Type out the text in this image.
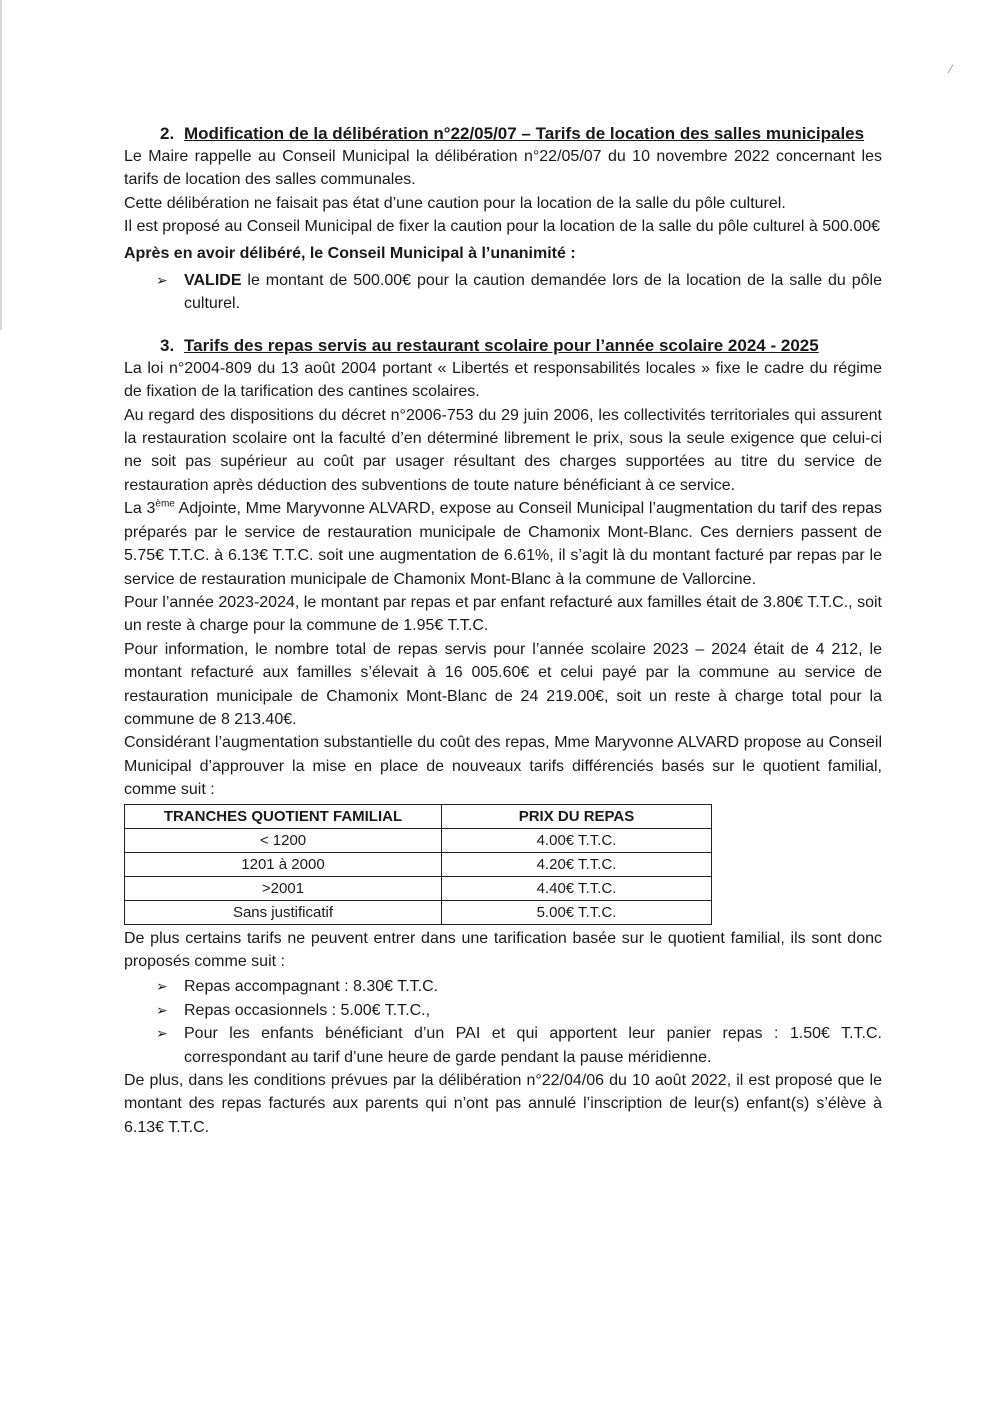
⁄
2. Modification de la délibération n°22/05/07 – Tarifs de location des salles municipales

Le Maire rappelle au Conseil Municipal la délibération n°22/05/07 du 10 novembre 2022 concernant les tarifs de location des salles communales.

Cette délibération ne faisait pas état d’une caution pour la location de la salle du pôle culturel.

Il est proposé au Conseil Municipal de fixer la caution pour la location de la salle du pôle culturel à 500.00€

Après en avoir délibéré, le Conseil Municipal à l’unanimité :

➢ VALIDE le montant de 500.00€ pour la caution demandée lors de la location de la salle du pôle culturel.
3. Tarifs des repas servis au restaurant scolaire pour l’année scolaire 2024 - 2025

La loi n°2004-809 du 13 août 2004 portant « Libertés et responsabilités locales » fixe le cadre du régime de fixation de la tarification des cantines scolaires.

Au regard des dispositions du décret n°2006-753 du 29 juin 2006, les collectivités territoriales qui assurent la restauration scolaire ont la faculté d’en déterminé librement le prix, sous la seule exigence que celui-ci ne soit pas supérieur au coût par usager résultant des charges supportées au titre du service de restauration après déduction des subventions de toute nature bénéficiant à ce service.

La 3ème Adjointe, Mme Maryvonne ALVARD, expose au Conseil Municipal l’augmentation du tarif des repas préparés par le service de restauration municipale de Chamonix Mont-Blanc. Ces derniers passent de 5.75€ T.T.C. à 6.13€ T.T.C. soit une augmentation de 6.61%, il s’agit là du montant facturé par repas par le service de restauration municipale de Chamonix Mont-Blanc à la commune de Vallorcine.

Pour l’année 2023-2024, le montant par repas et par enfant refacturé aux familles était de 3.80€ T.T.C., soit un reste à charge pour la commune de 1.95€ T.T.C.

Pour information, le nombre total de repas servis pour l’année scolaire 2023 – 2024 était de 4 212, le montant refacturé aux familles s’élevait à 16 005.60€ et celui payé par la commune au service de restauration municipale de Chamonix Mont-Blanc de 24 219.00€, soit un reste à charge total pour la commune de 8 213.40€.

Considérant l’augmentation substantielle du coût des repas, Mme Maryvonne ALVARD propose au Conseil Municipal d’approuver la mise en place de nouveaux tarifs différenciés basés sur le quotient familial, comme suit :

TRANCHES QUOTIENT FAMILIAL	PRIX DU REPAS
< 1200	4.00€ T.T.C.
1201 à 2000	4.20€ T.T.C.
>2001	4.40€ T.T.C.
Sans justificatif	5.00€ T.T.C.

De plus certains tarifs ne peuvent entrer dans une tarification basée sur le quotient familial, ils sont donc proposés comme suit :

➢ Repas accompagnant : 8.30€ T.T.C.
➢ Repas occasionnels : 5.00€ T.T.C.,
➢ Pour les enfants bénéficiant d’un PAI et qui apportent leur panier repas : 1.50€ T.T.C. correspondant au tarif d’une heure de garde pendant la pause méridienne.

De plus, dans les conditions prévues par la délibération n°22/04/06 du 10 août 2022, il est proposé que le montant des repas facturés aux parents qui n’ont pas annulé l’inscription de leur(s) enfant(s) s’élève à 6.13€ T.T.C.
